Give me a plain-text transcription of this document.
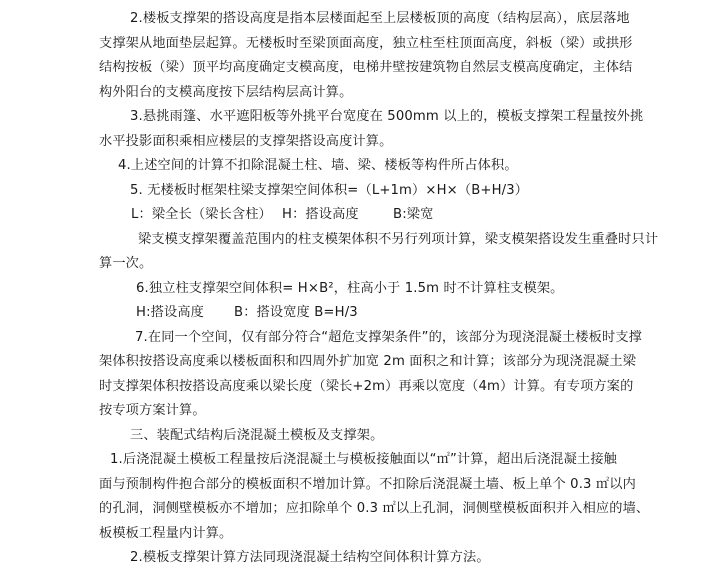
2.楼板支撑架的搭设高度是指本层楼面起至上层楼板顶的高度（结构层高），底层落地
支撑架从地面垫层起算。无楼板时至梁顶面高度，独立柱至柱顶面高度，斜板（梁）或拱形
结构按板（梁）顶平均高度确定支模高度，电梯井壁按建筑物自然层支模高度确定，主体结
构外阳台的支模高度按下层结构层高计算。
3.悬挑雨篷、水平遮阳板等外挑平台宽度在 500mm 以上的，模板支撑架工程量按外挑
水平投影面积乘相应楼层的支撑架搭设高度计算。
4.上述空间的计算不扣除混凝土柱、墙、梁、楼板等构件所占体积。
5. 无楼板时框架柱梁支撑架空间体积=（L+1m）×H×（B+H/3）
L：梁全长（梁长含柱） H：搭设高度	B:梁宽
梁支模支撑架覆盖范围内的柱支模架体积不另行列项计算，梁支模架搭设发生重叠时只计
算一次。
6.独立柱支撑架空间体积= H×B²，柱高小于 1.5m 时不计算柱支模架。
H:搭设高度 B：搭设宽度 B=H/3
7.在同一个空间，仅有部分符合“超危支撑架条件”的，该部分为现浇混凝土楼板时支撑
架体积按搭设高度乘以楼板面积和四周外扩加宽 2m 面积之和计算；该部分为现浇混凝土梁
时支撑架体积按搭设高度乘以梁长度（梁长+2m）再乘以宽度（4m）计算。有专项方案的
按专项方案计算。
三、装配式结构后浇混凝土模板及支撑架。
1.后浇混凝土模板工程量按后浇混凝土与模板接触面以“㎡”计算，超出后浇混凝土接触
面与预制构件抱合部分的模板面积不增加计算。不扣除后浇混凝土墙、板上单个 0.3 ㎡以内
的孔洞，洞侧壁模板亦不增加；应扣除单个 0.3 ㎡以上孔洞，洞侧壁模板面积并入相应的墙、
板模板工程量内计算。
2.模板支撑架计算方法同现浇混凝土结构空间体积计算方法。
